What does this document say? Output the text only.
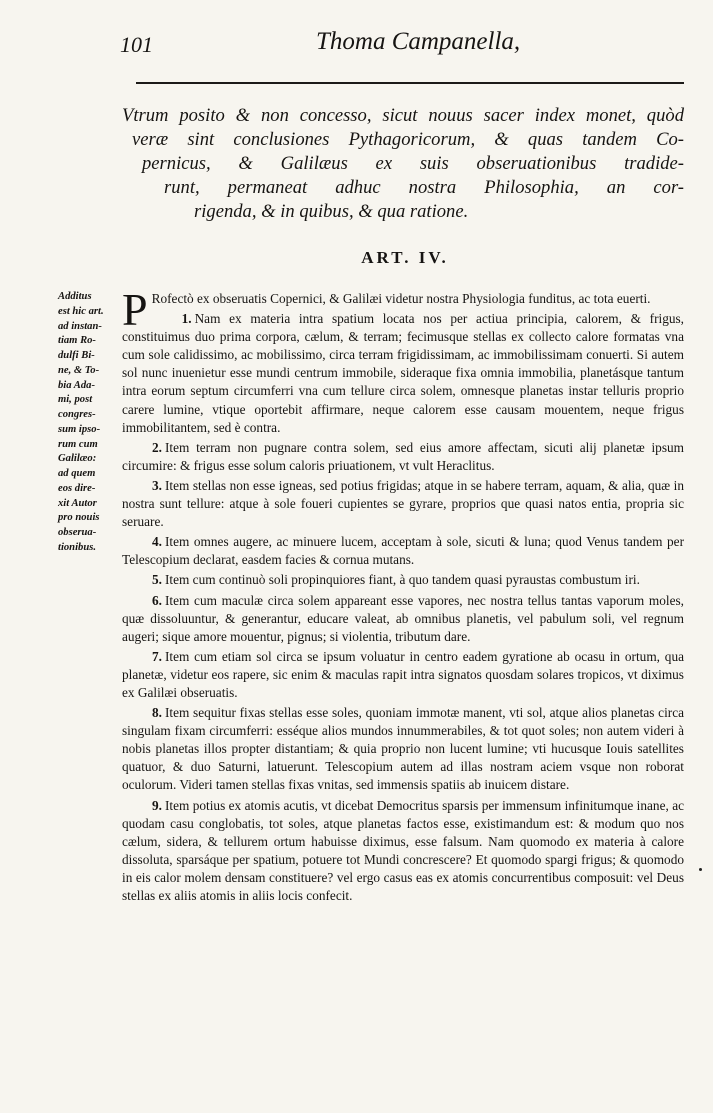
101	Thoma Campanella,
Vtrum posito & non concesso, sicut nouus sacer index monet, quòd
veræ sint conclusiones Pythagoricorum, & quas tandem Co-
pernicus, & Galilæus ex suis obseruationibus tradide-
runt, permaneat adhuc nostra Philosophia, an cor-
rigenda, & in quibus, & qua ratione.
ART. IV.
Additus
est hic art.
ad instan-
tiam Ro-
dulfi Bi-
ne, & To-
bia Ada-
mi, post
congres-
sum ipso-
rum cum
Galilæo:
ad quem
eos dire-
xit Autor
pro nouis
obserua-
tionibus.

P Rofectò ex obseruatis Copernici, & Galilæi videtur nostra Physiologia funditus, ac tota euerti.

1. Nam ex materia intra spatium locata nos per actiua principia, calorem, & frigus, constituimus duo prima corpora, cælum, & terram; fecimusque stellas ex collecto calore formatas vna cum sole calidissimo, ac mobilissimo, circa terram frigidissimam, ac immobilissimam conuerti. Si autem sol nunc inuenietur esse mundi centrum immobile, sideraque fixa omnia immobilia, planetásque tantum intra eorum septum circumferri vna cum tellure circa solem, omnesque planetas instar telluris proprio carere lumine, vtique oportebit affirmare, neque calorem esse causam mouentem, neque frigus immobilitantem, sed è contra.

2. Item terram non pugnare contra solem, sed eius amore affectam, sicuti alij planetæ ipsum circumire: & frigus esse solum caloris priuationem, vt vult Heraclitus.

3. Item stellas non esse igneas, sed potius frigidas; atque in se habere terram, aquam, & alia, quæ in nostra sunt tellure: atque à sole foueri cupientes se gyrare, proprios que quasi natos entia, propria sic seruare.

4. Item omnes augere, ac minuere lucem, acceptam à sole, sicuti & luna; quod Venus tandem per Telescopium declarat, easdem facies & cornua mutans.

5. Item cum continuò soli propinquiores fiant, à quo tandem quasi pyraustas combustum iri.

6. Item cum maculæ circa solem appareant esse vapores, nec nostra tellus tantas vaporum moles, quæ dissoluuntur, & generantur, educare valeat, ab omnibus planetis, vel pabulum soli, vel regnum augeri; sique amore mouentur, pignus; si violentia, tributum dare.

7. Item cum etiam sol circa se ipsum voluatur in centro eadem gyratione ab ocasu in ortum, qua planetæ, videtur eos rapere, sic enim & maculas rapit intra signatos quosdam solares tropicos, vt diximus ex Galilæi obseruatis.

8. Item sequitur fixas stellas esse soles, quoniam immotæ manent, vti sol, atque alios planetas circa singulam fixam circumferri: esséque alios mundos innummerabiles, & tot quot soles; non autem videri à nobis planetas illos propter distantiam; & quia proprio non lucent lumine; vti hucusque Iouis satellites quatuor, & duo Saturni, latuerunt. Telescopium autem ad illas nostram aciem vsque non roborat oculorum. Videri tamen stellas fixas vnitas, sed immensis spatiis ab inuicem distare.

9. Item potius ex atomis acutis, vt dicebat Democritus sparsis per immensum infinitumque inane, ac quodam casu conglobatis, tot soles, atque planetas factos esse, existimandum est: & modum quo nos cælum, sidera, & tellurem ortum habuisse diximus, esse falsum. Nam quomodo ex materia à calore dissoluta, sparsáque per spatium, potuere tot Mundi concrescere? Et quomodo spargi frigus; & quomodo in eis calor molem densam constituere? vel ergo casus eas ex atomis concurrentibus composuit: vel Deus stellas ex aliis atomis in aliis locis confecit.
